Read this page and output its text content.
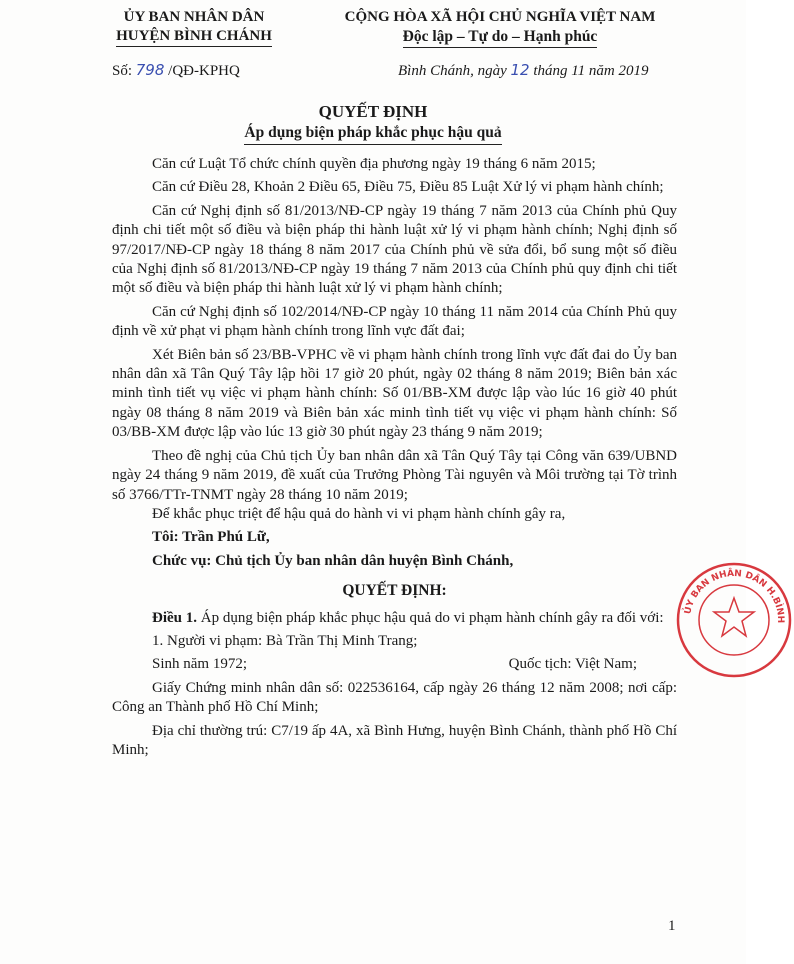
ỦY BAN NHÂN DÂN
HUYỆN BÌNH CHÁNH
CỘNG HÒA XÃ HỘI CHỦ NGHĨA VIỆT NAM
Độc lập – Tự do – Hạnh phúc
Số: 798 /QĐ-KPHQ	Bình Chánh, ngày 12 tháng 11 năm 2019
QUYẾT ĐỊNH
Áp dụng biện pháp khắc phục hậu quả

Căn cứ Luật Tổ chức chính quyền địa phương ngày 19 tháng 6 năm 2015;

Căn cứ Điều 28, Khoản 2 Điều 65, Điều 75, Điều 85 Luật Xử lý vi phạm hành chính;

Căn cứ Nghị định số 81/2013/NĐ-CP ngày 19 tháng 7 năm 2013 của Chính phủ Quy định chi tiết một số điều và biện pháp thi hành luật xử lý vi phạm hành chính; Nghị định số 97/2017/NĐ-CP ngày 18 tháng 8 năm 2017 của Chính phủ về sửa đổi, bổ sung một số điều của Nghị định số 81/2013/NĐ-CP ngày 19 tháng 7 năm 2013 của Chính phủ quy định chi tiết một số điều và biện pháp thi hành luật xử lý vi phạm hành chính;

Căn cứ Nghị định số 102/2014/NĐ-CP ngày 10 tháng 11 năm 2014 của Chính Phủ quy định về xử phạt vi phạm hành chính trong lĩnh vực đất đai;

Xét Biên bản số 23/BB-VPHC về vi phạm hành chính trong lĩnh vực đất đai do Ủy ban nhân dân xã Tân Quý Tây lập hồi 17 giờ 20 phút, ngày 02 tháng 8 năm 2019; Biên bản xác minh tình tiết vụ việc vi phạm hành chính: Số 01/BB-XM được lập vào lúc 16 giờ 40 phút ngày 08 tháng 8 năm 2019 và Biên bản xác minh tình tiết vụ việc vi phạm hành chính: Số 03/BB-XM được lập vào lúc 13 giờ 30 phút ngày 23 tháng 9 năm 2019;

Theo đề nghị của Chủ tịch Ủy ban nhân dân xã Tân Quý Tây tại Công văn 639/UBND ngày 24 tháng 9 năm 2019, đề xuất của Trưởng Phòng Tài nguyên và Môi trường tại Tờ trình số 3766/TTr-TNMT ngày 28 tháng 10 năm 2019;

Để khắc phục triệt để hậu quả do hành vi vi phạm hành chính gây ra,

Tôi: Trần Phú Lữ,

Chức vụ: Chủ tịch Ủy ban nhân dân huyện Bình Chánh,

QUYẾT ĐỊNH:

Điều 1. Áp dụng biện pháp khắc phục hậu quả do vi phạm hành chính gây ra đối với:

1. Người vi phạm: Bà Trần Thị Minh Trang;

Sinh năm 1972;	Quốc tịch: Việt Nam;

Giấy Chứng minh nhân dân số: 022536164, cấp ngày 26 tháng 12 năm 2008; nơi cấp: Công an Thành phố Hồ Chí Minh;

Địa chỉ thường trú: C7/19 ấp 4A, xã Bình Hưng, huyện Bình Chánh, thành phố Hồ Chí Minh;

ỦY BAN NHÂN DÂN H.BÌNH
1
